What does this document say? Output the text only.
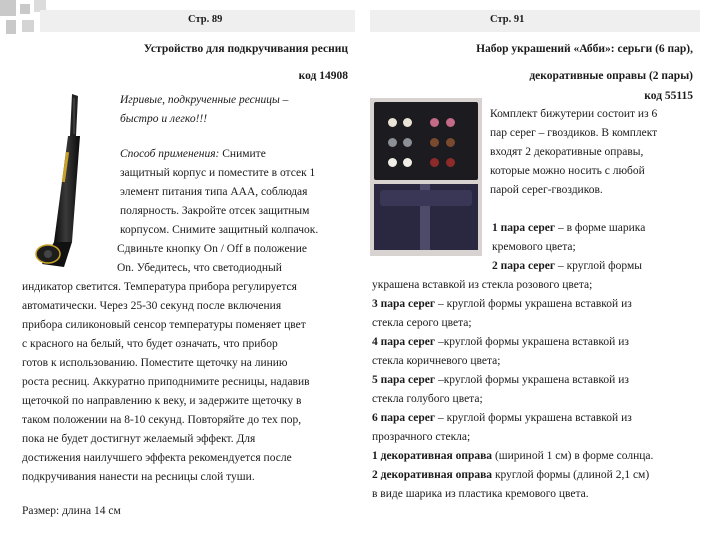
Стр. 89	Стр. 91

Устройство для подкручивания ресниц

код 14908

Игривые, подкрученные ресницы –

быстро и легко!!!

Способ применения: Снимите

защитный корпус и поместите в отсек 1

элемент питания типа ААА, соблюдая

полярность. Закройте отсек защитным

корпусом. Снимите защитный колпачок.

Сдвиньте кнопку On / Off в положение

On. Убедитесь, что светодиодный

индикатор светится. Температура прибора регулируется

автоматически. Через 25-30 секунд после включения

прибора силиконовый сенсор температуры поменяет цвет

с красного на белый, что будет означать, что прибор

готов к использованию. Поместите щеточку на линию

роста ресниц. Аккуратно приподнимите ресницы, надавив

щеточкой по направлению к веку, и задержите щеточку в

таком положении на 8-10 секунд. Повторяйте до тех пор,

пока не будет достигнут желаемый эффект. Для

достижения наилучшего эффекта рекомендуется после

подкручивания нанести на ресницы слой туши.

Размер: длина 14 см

Набор украшений «Абби»: серьги (6 пар),

декоративные оправы (2 пары)

код 55115

Комплект бижутерии состоит из 6

пар серег – гвоздиков. В комплект

входят 2 декоративные оправы,

которые можно носить с любой

парой серег-гвоздиков.

1 пара серег – в форме шарика

кремового цвета;

2 пара серег – круглой формы

украшена вставкой из стекла розового цвета;

3 пара серег – круглой формы украшена вставкой из

стекла серого цвета;

4 пара серег –круглой формы украшена вставкой из

стекла коричневого цвета;

5 пара серег –круглой формы украшена вставкой из

стекла голубого цвета;

6 пара серег – круглой формы украшена вставкой из

прозрачного стекла;

1 декоративная оправа (шириной 1 см) в форме солнца.

2 декоративная оправа круглой формы (длиной 2,1 см)

в виде шарика из пластика кремового цвета.
